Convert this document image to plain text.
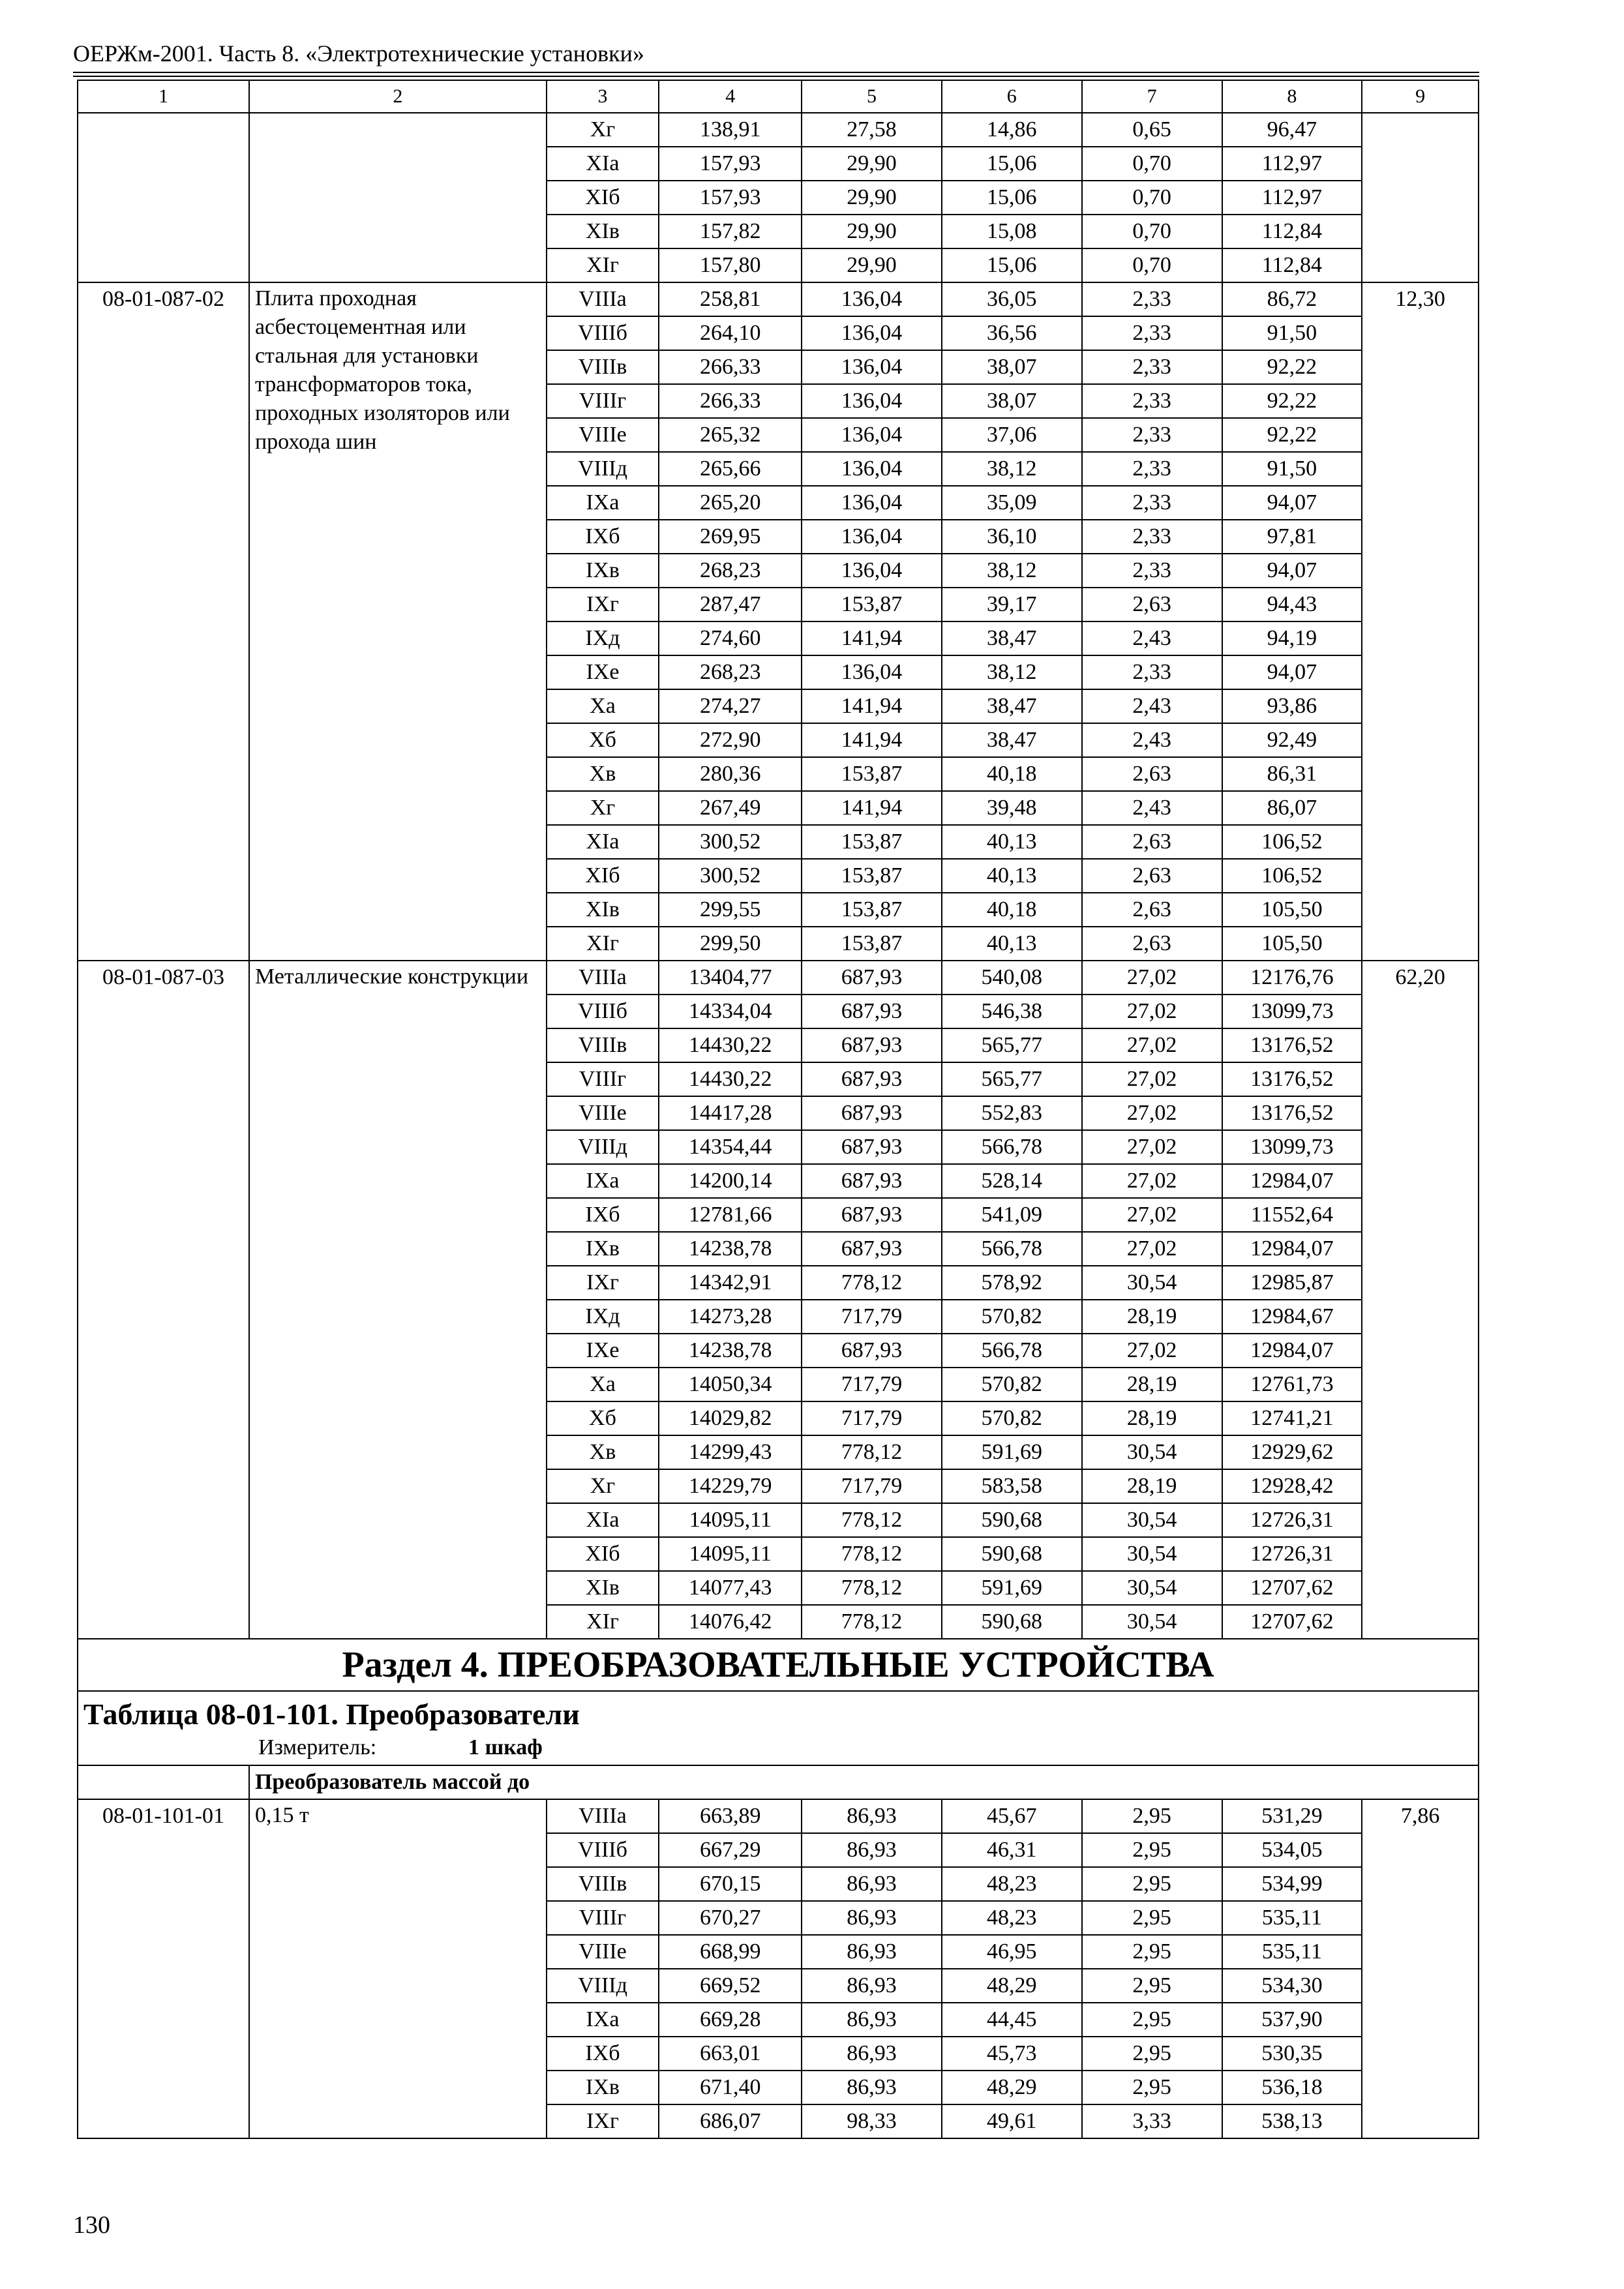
ОЕРЖм-2001. Часть 8. «Электротехнические установки»
1	2	3	4	5	6	7	8	9
		Xг	138,91	27,58	14,86	0,65	96,47	
		XIа	157,93	29,90	15,06	0,70	112,97	
		XIб	157,93	29,90	15,06	0,70	112,97	
		XIв	157,82	29,90	15,08	0,70	112,84	
		XIг	157,80	29,90	15,06	0,70	112,84	
08-01-087-02	Плита проходная асбестоцементная или стальная для установки трансформаторов тока, проходных изоляторов или прохода шин	VIIIа	258,81	136,04	36,05	2,33	86,72	12,30
		VIIIб	264,10	136,04	36,56	2,33	91,50	
		VIIIв	266,33	136,04	38,07	2,33	92,22	
		VIIIг	266,33	136,04	38,07	2,33	92,22	
		VIIIе	265,32	136,04	37,06	2,33	92,22	
		VIIIд	265,66	136,04	38,12	2,33	91,50	
		IXа	265,20	136,04	35,09	2,33	94,07	
		IXб	269,95	136,04	36,10	2,33	97,81	
		IXв	268,23	136,04	38,12	2,33	94,07	
		IXг	287,47	153,87	39,17	2,63	94,43	
		IXд	274,60	141,94	38,47	2,43	94,19	
		IXе	268,23	136,04	38,12	2,33	94,07	
		Xа	274,27	141,94	38,47	2,43	93,86	
		Xб	272,90	141,94	38,47	2,43	92,49	
		Xв	280,36	153,87	40,18	2,63	86,31	
		Xг	267,49	141,94	39,48	2,43	86,07	
		XIа	300,52	153,87	40,13	2,63	106,52	
		XIб	300,52	153,87	40,13	2,63	106,52	
		XIв	299,55	153,87	40,18	2,63	105,50	
		XIг	299,50	153,87	40,13	2,63	105,50	
08-01-087-03	Металлические конструкции	VIIIа	13404,77	687,93	540,08	27,02	12176,76	62,20
		VIIIб	14334,04	687,93	546,38	27,02	13099,73	
		VIIIв	14430,22	687,93	565,77	27,02	13176,52	
		VIIIг	14430,22	687,93	565,77	27,02	13176,52	
		VIIIе	14417,28	687,93	552,83	27,02	13176,52	
		VIIIд	14354,44	687,93	566,78	27,02	13099,73	
		IXа	14200,14	687,93	528,14	27,02	12984,07	
		IXб	12781,66	687,93	541,09	27,02	11552,64	
		IXв	14238,78	687,93	566,78	27,02	12984,07	
		IXг	14342,91	778,12	578,92	30,54	12985,87	
		IXд	14273,28	717,79	570,82	28,19	12984,67	
		IXе	14238,78	687,93	566,78	27,02	12984,07	
		Xа	14050,34	717,79	570,82	28,19	12761,73	
		Xб	14029,82	717,79	570,82	28,19	12741,21	
		Xв	14299,43	778,12	591,69	30,54	12929,62	
		Xг	14229,79	717,79	583,58	28,19	12928,42	
		XIа	14095,11	778,12	590,68	30,54	12726,31	
		XIб	14095,11	778,12	590,68	30,54	12726,31	
		XIв	14077,43	778,12	591,69	30,54	12707,62	
		XIг	14076,42	778,12	590,68	30,54	12707,62	
Раздел 4. ПРЕОБРАЗОВАТЕЛЬНЫЕ УСТРОЙСТВА								

Таблица 08-01-101. Преобразователи
Измеритель: 1 шкаф								

	Преобразователь массой до							
08-01-101-01	0,15 т	VIIIа	663,89	86,93	45,67	2,95	531,29	7,86
		VIIIб	667,29	86,93	46,31	2,95	534,05	
		VIIIв	670,15	86,93	48,23	2,95	534,99	
		VIIIг	670,27	86,93	48,23	2,95	535,11	
		VIIIе	668,99	86,93	46,95	2,95	535,11	
		VIIIд	669,52	86,93	48,29	2,95	534,30	
		IXа	669,28	86,93	44,45	2,95	537,90	
		IXб	663,01	86,93	45,73	2,95	530,35	
		IXв	671,40	86,93	48,29	2,95	536,18	
		IXг	686,07	98,33	49,61	3,33	538,13	
130
